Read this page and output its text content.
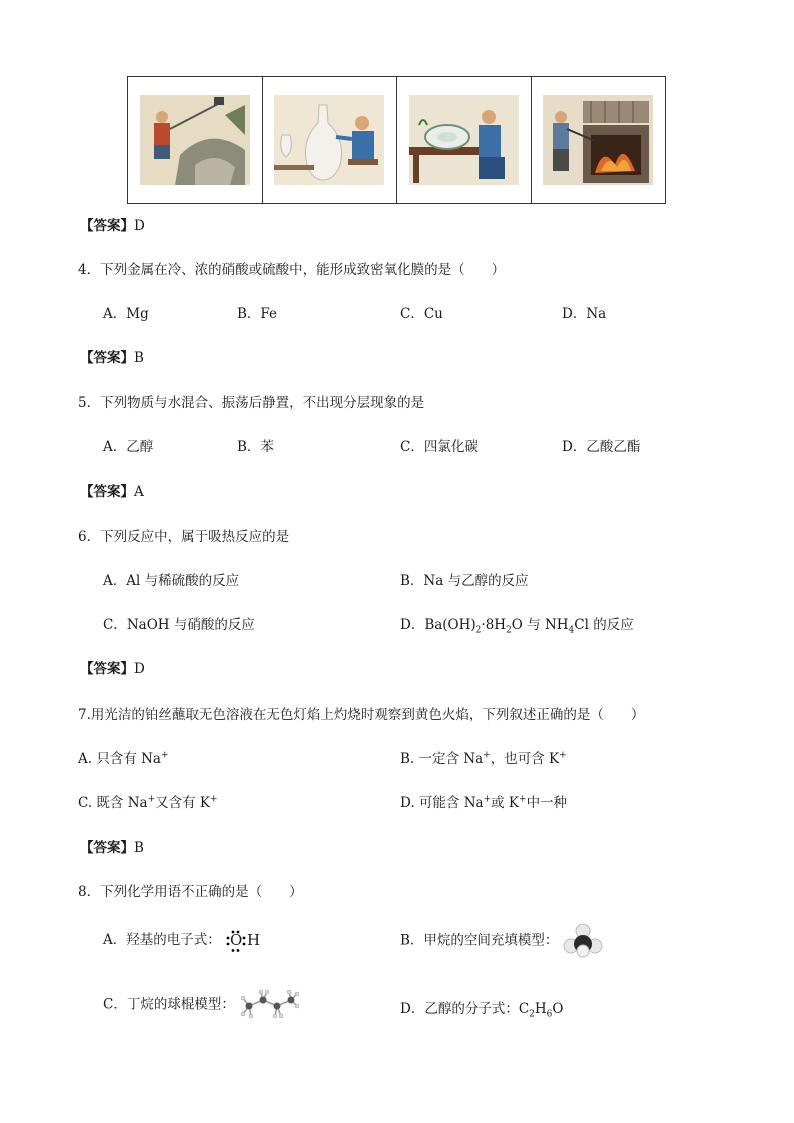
【答案】D
4．下列金属在冷、浓的硝酸或硫酸中，能形成致密氧化膜的是（　　）
A．Mg	B．Fe	C．Cu	D．Na
【答案】B
5．下列物质与水混合、振荡后静置，不出现分层现象的是
A．乙醇	B．苯	C．四氯化碳	D．乙酸乙酯
【答案】A
6．下列反应中，属于吸热反应的是
A．Al 与稀硫酸的反应	B．Na 与乙醇的反应
C．NaOH 与硝酸的反应	D．$Ba(OH)_2\cdot 8H_2O$ 与 $NH_4Cl$ 的反应
【答案】D
7.用光洁的铂丝蘸取无色溶液在无色灯焰上灼烧时观察到黄色火焰，下列叙述正确的是（　　）
A. 只含有 Na+	B. 一定含 Na+，也可含 K+
C. 既含 Na+又含有 K+	D. 可能含 Na+或 K+中一种
【答案】B
8．下列化学用语不正确的是（　　）
A．羟基的电子式： O H	B．甲烷的空间充填模型：
C．丁烷的球棍模型：	D．乙醇的分子式：$C_2H_6O$
